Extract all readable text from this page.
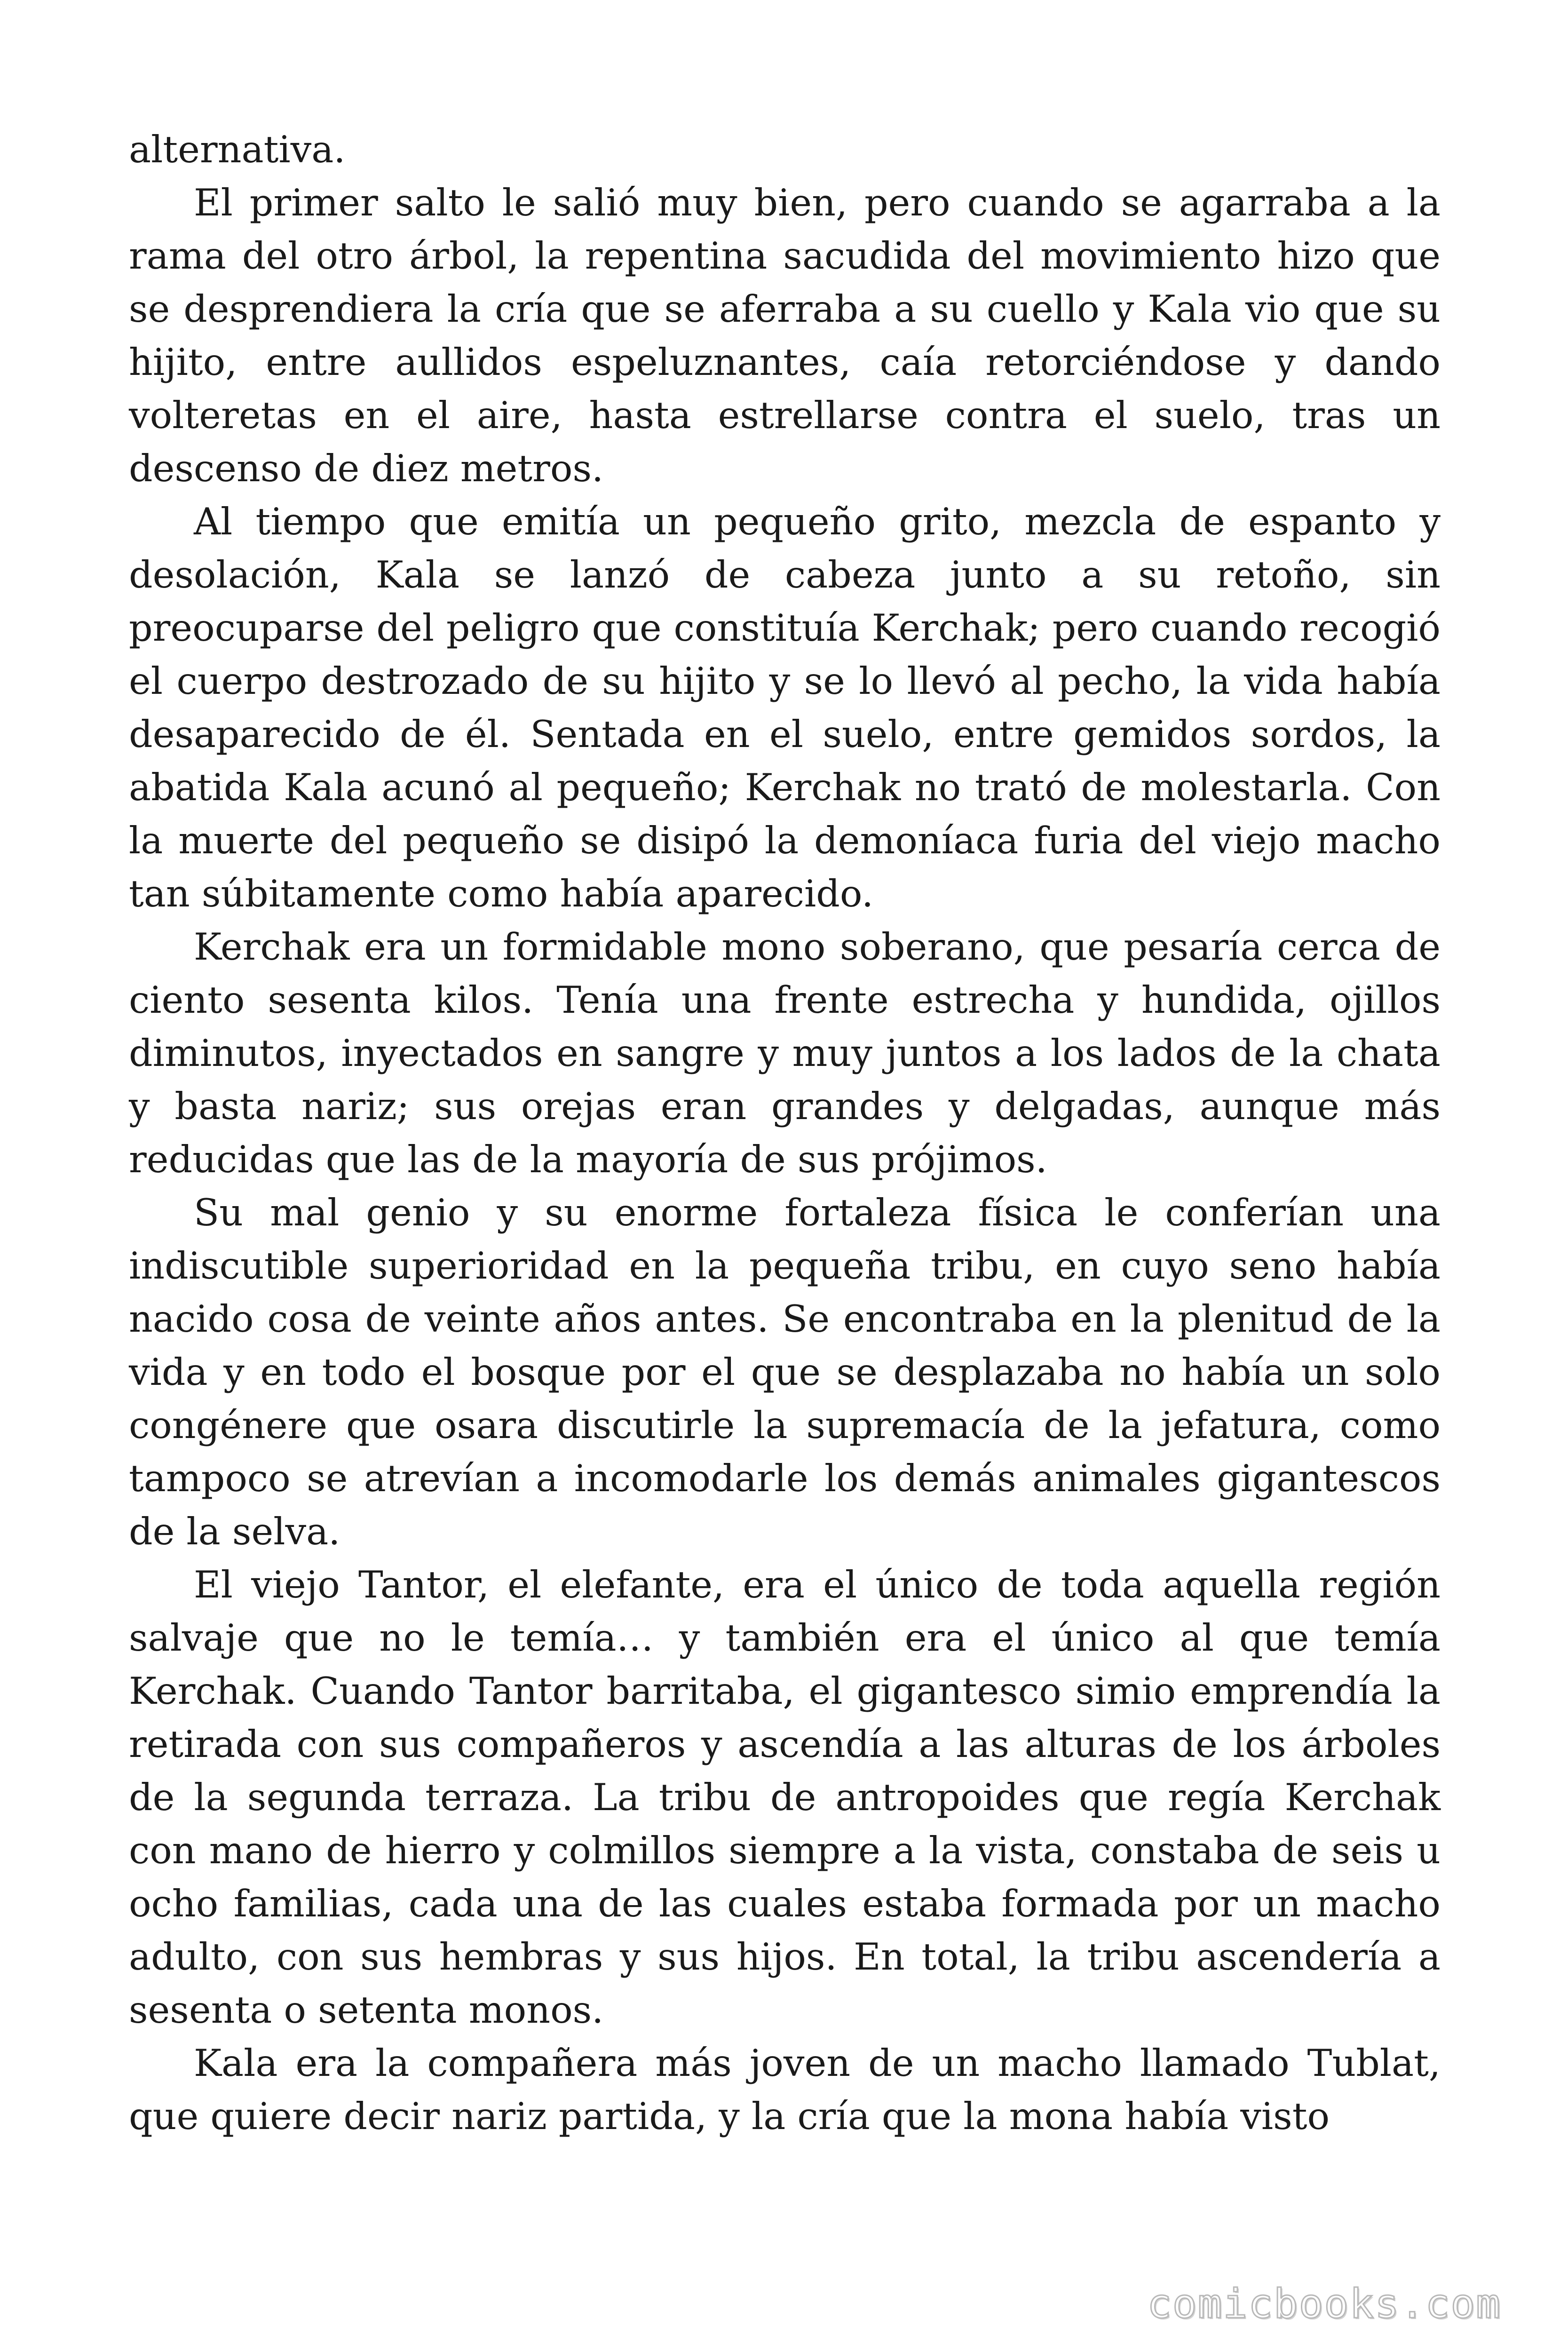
alternativa.

El primer salto le salió muy bien, pero cuando se agarraba a la rama del otro árbol, la repentina sacudida del movimiento hizo que se desprendiera la cría que se aferraba a su cuello y Kala vio que su hijito, entre aullidos espeluznantes, caía retorciéndose y dando volteretas en el aire, hasta estrellarse contra el suelo, tras un descenso de diez metros.

Al tiempo que emitía un pequeño grito, mezcla de espanto y desolación, Kala se lanzó de cabeza junto a su retoño, sin preocuparse del peligro que constituía Kerchak; pero cuando recogió el cuerpo destrozado de su hijito y se lo llevó al pecho, la vida había desaparecido de él. Sentada en el suelo, entre gemidos sordos, la abatida Kala acunó al pequeño; Kerchak no trató de molestarla. Con la muerte del pequeño se disipó la demoníaca furia del viejo macho tan súbitamente como había aparecido.

Kerchak era un formidable mono soberano, que pesaría cerca de ciento sesenta kilos. Tenía una frente estrecha y hundida, ojillos diminutos, inyectados en sangre y muy juntos a los lados de la chata y basta nariz; sus orejas eran grandes y delgadas, aunque más reducidas que las de la mayoría de sus prójimos.

Su mal genio y su enorme fortaleza física le conferían una indiscutible superioridad en la pequeña tribu, en cuyo seno había nacido cosa de veinte años antes. Se encontraba en la plenitud de la vida y en todo el bosque por el que se desplazaba no había un solo congénere que osara discutirle la supremacía de la jefatura, como tampoco se atrevían a incomodarle los demás animales gigantescos de la selva.

El viejo Tantor, el elefante, era el único de toda aquella región salvaje que no le temía… y también era el único al que temía Kerchak. Cuando Tantor barritaba, el gigantesco simio emprendía la retirada con sus compañeros y ascendía a las alturas de los árboles de la segunda terraza. La tribu de antropoides que regía Kerchak con mano de hierro y colmillos siempre a la vista, constaba de seis u ocho familias, cada una de las cuales estaba formada por un macho adulto, con sus hembras y sus hijos. En total, la tribu ascendería a sesenta o setenta monos.

Kala era la compañera más joven de un macho llamado Tublat, que quiere decir nariz partida, y la cría que la mona había visto

comicbooks.com
